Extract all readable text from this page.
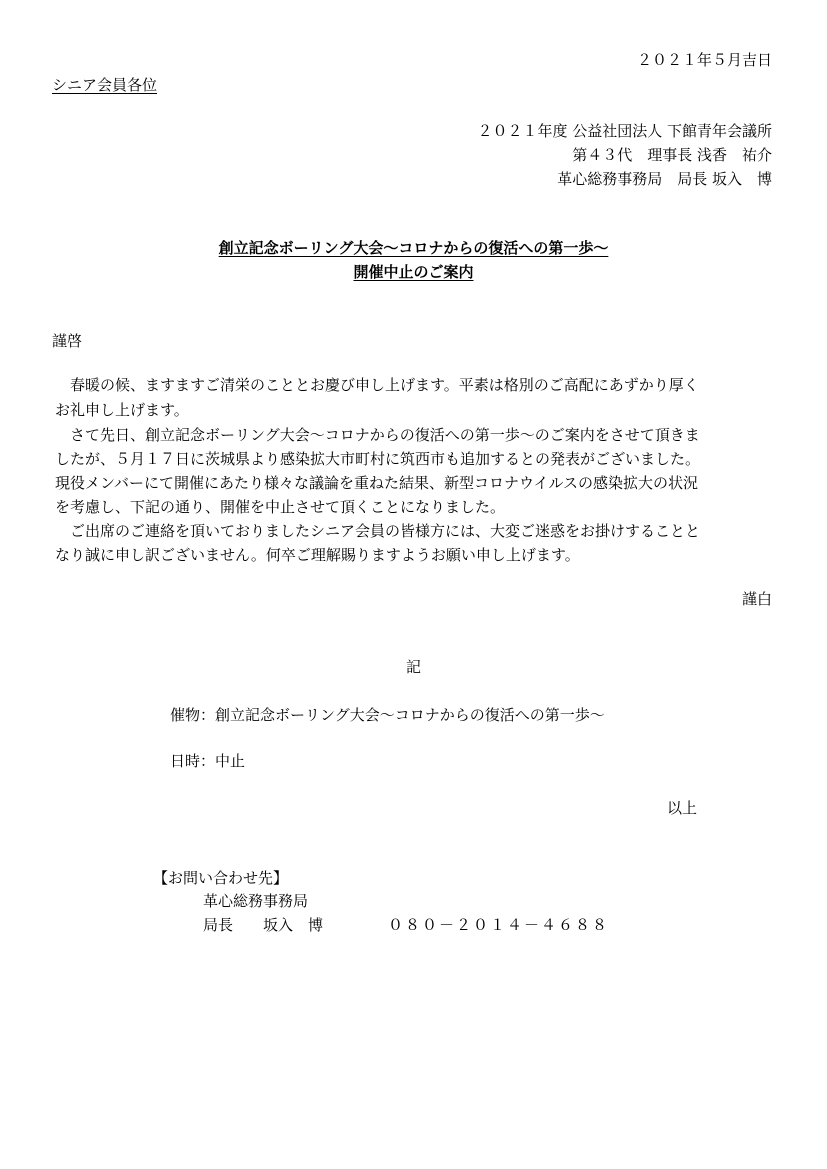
２０２１年５月吉日
シニア会員各位
２０２１年度 公益社団法人 下館青年会議所
第４３代　理事長 浅香　祐介
革心総務事務局　局長 坂入　博
創立記念ボーリング大会～コロナからの復活への第一歩～
開催中止のご案内
謹啓
　春暖の候、ますますご清栄のこととお慶び申し上げます。平素は格別のご高配にあずかり厚く
お礼申し上げます。
　さて先日、創立記念ボーリング大会～コロナからの復活への第一歩～のご案内をさせて頂きま
したが、５月１７日に茨城県より感染拡大市町村に筑西市も追加するとの発表がございました。
現役メンバーにて開催にあたり様々な議論を重ねた結果、新型コロナウイルスの感染拡大の状況
を考慮し、下記の通り、開催を中止させて頂くことになりました。
　ご出席のご連絡を頂いておりましたシニア会員の皆様方には、大変ご迷惑をお掛けすることと
なり誠に申し訳ございません。何卒ご理解賜りますようお願い申し上げます。
謹白
記
催物：創立記念ボーリング大会～コロナからの復活への第一歩～
日時：中止
以上
【お問い合わせ先】
革心総務事務局
局長　　坂入　博	０８０－２０１４－４６８８
